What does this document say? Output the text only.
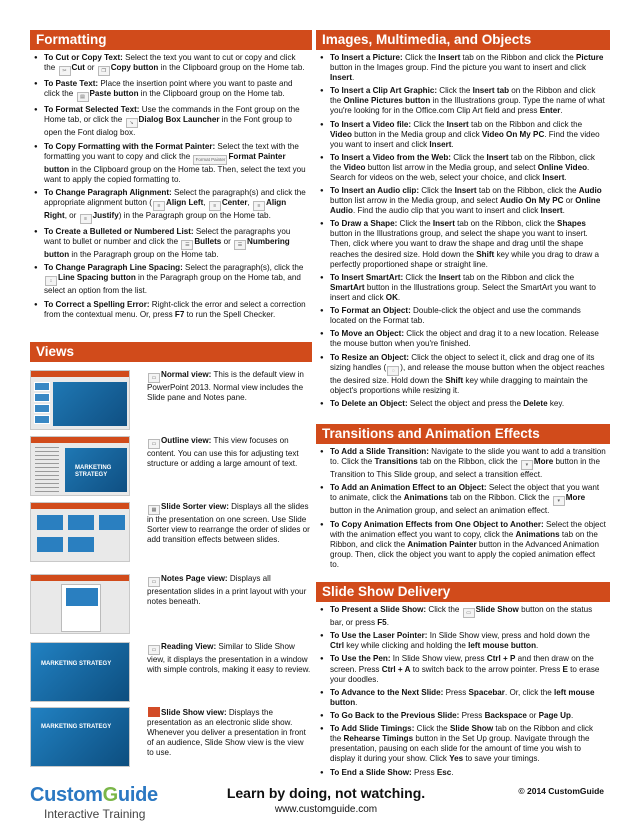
Formatting
● To Cut or Copy Text: Select the text you want to cut or copy and click the ✂ Cut or ❐ Copy button in the Clipboard group on the Home tab.
● To Paste Text: Place the insertion point where you want to paste and click the ▤ Paste button in the Clipboard group on the Home tab.
● To Format Selected Text: Use the commands in the Font group on the Home tab, or click the ↘ Dialog Box Launcher in the Font group to open the Font dialog box.
● To Copy Formatting with the Format Painter: Select the text with the formatting you want to copy and click the Format Painter Format Painter button in the Clipboard group on the Home tab. Then, select the text you want to apply the copied formatting to.
● To Change Paragraph Alignment: Select the paragraph(s) and click the appropriate alignment button ( ≡ Align Left, ≡ Center, ≡ Align Right, or ≡ Justify) in the Paragraph group on the Home tab.
● To Create a Bulleted or Numbered List: Select the paragraphs you want to bullet or number and click the ☰ Bullets or ☰ Numbering button in the Paragraph group on the Home tab.
● To Change Paragraph Line Spacing: Select the paragraph(s), click the ↕ Line Spacing button in the Paragraph group on the Home tab, and select an option from the list.
● To Correct a Spelling Error: Right-click the error and select a correction from the contextual menu. Or, press F7 to run the Spell Checker.
Views
▭ Normal view: This is the default view in PowerPoint 2013. Normal view includes the Slide pane and Notes pane.
MARKETING STRATEGY
▭ Outline view: This view focuses on content. You can use this for adjusting text structure or adding a large amount of text.
▦ Slide Sorter view: Displays all the slides in the presentation on one screen. Use Slide Sorter view to rearrange the order of slides or add transition effects between slides.
▭ Notes Page view: Displays all presentation slides in a print layout with your notes beneath.
MARKETING STRATEGY
▭ Reading View: Similar to Slide Show view, it displays the presentation in a window with simple controls, making it easy to review.
MARKETING STRATEGY
Slide Show view: Displays the presentation as an electronic slide show. Whenever you deliver a presentation in front of an audience, Slide Show view is the view to use.
Images, Multimedia, and Objects
● To Insert a Picture: Click the Insert tab on the Ribbon and click the Picture button in the Images group. Find the picture you want to insert and click Insert.
● To Insert a Clip Art Graphic: Click the Insert tab on the Ribbon and click the Online Pictures button in the Illustrations group. Type the name of what you're looking for in the Office.com Clip Art field and press Enter.
● To Insert a Video file: Click the Insert tab on the Ribbon and click the Video button in the Media group and click Video On My PC. Find the video you want to insert and click Insert.
● To Insert a Video from the Web: Click the Insert tab on the Ribbon, click the Video button list arrow in the Media group, and select Online Video. Search for videos on the web, select your choice, and click Insert.
● To Insert an Audio clip: Click the Insert tab on the Ribbon, click the Audio button list arrow in the Media group, and select Audio On My PC or Online Audio. Find the audio clip that you want to insert and click Insert.
● To Draw a Shape: Click the Insert tab on the Ribbon, click the Shapes button in the Illustrations group, and select the shape you want to insert. Then, click where you want to draw the shape and drag until the shape reaches the desired size. Hold down the Shift key while you drag to draw a perfectly proportioned shape or straight line.
● To Insert SmartArt: Click the Insert tab on the Ribbon and click the SmartArt button in the Illustrations group. Select the SmartArt you want to insert and click OK.
● To Format an Object: Double-click the object and use the commands located on the Format tab.
● To Move an Object: Click the object and drag it to a new location. Release the mouse button when you're finished.
● To Resize an Object: Click the object to select it, click and drag one of its sizing handles ( ◌ ), and release the mouse button when the object reaches the desired size. Hold down the Shift key while dragging to maintain the object's proportions while resizing it.
● To Delete an Object: Select the object and press the Delete key.
Transitions and Animation Effects
● To Add a Slide Transition: Navigate to the slide you want to add a transition to. Click the Transitions tab on the Ribbon, click the ▾ More button in the Transition to This Slide group, and select a transition effect.
● To Add an Animation Effect to an Object: Select the object that you want to animate, click the Animations tab on the Ribbon. Click the ▾ More button in the Animation group, and select an animation effect.
● To Copy Animation Effects from One Object to Another: Select the object with the animation effect you want to copy, click the Animations tab on the Ribbon, and click the Animation Painter button in the Advanced Animation group. Then, click the object you want to apply the copied animation effect to.
Slide Show Delivery
● To Present a Slide Show: Click the ▭ Slide Show button on the status bar, or press F5.
● To Use the Laser Pointer: In Slide Show view, press and hold down the Ctrl key while clicking and holding the left mouse button.
● To Use the Pen: In Slide Show view, press Ctrl + P and then draw on the screen. Press Ctrl + A to switch back to the arrow pointer. Press E to erase your doodles.
● To Advance to the Next Slide: Press Spacebar. Or, click the left mouse button.
● To Go Back to the Previous Slide: Press Backspace or Page Up.
● To Add Slide Timings: Click the Slide Show tab on the Ribbon and click the Rehearse Timings button in the Set Up group. Navigate through the presentation, pausing on each slide for the amount of time you wish to display it during your show. Click Yes to save your timings.
● To End a Slide Show: Press Esc.
CustomGuide
Interactive Training
Learn by doing, not watching.
www.customguide.com
© 2014 CustomGuide
